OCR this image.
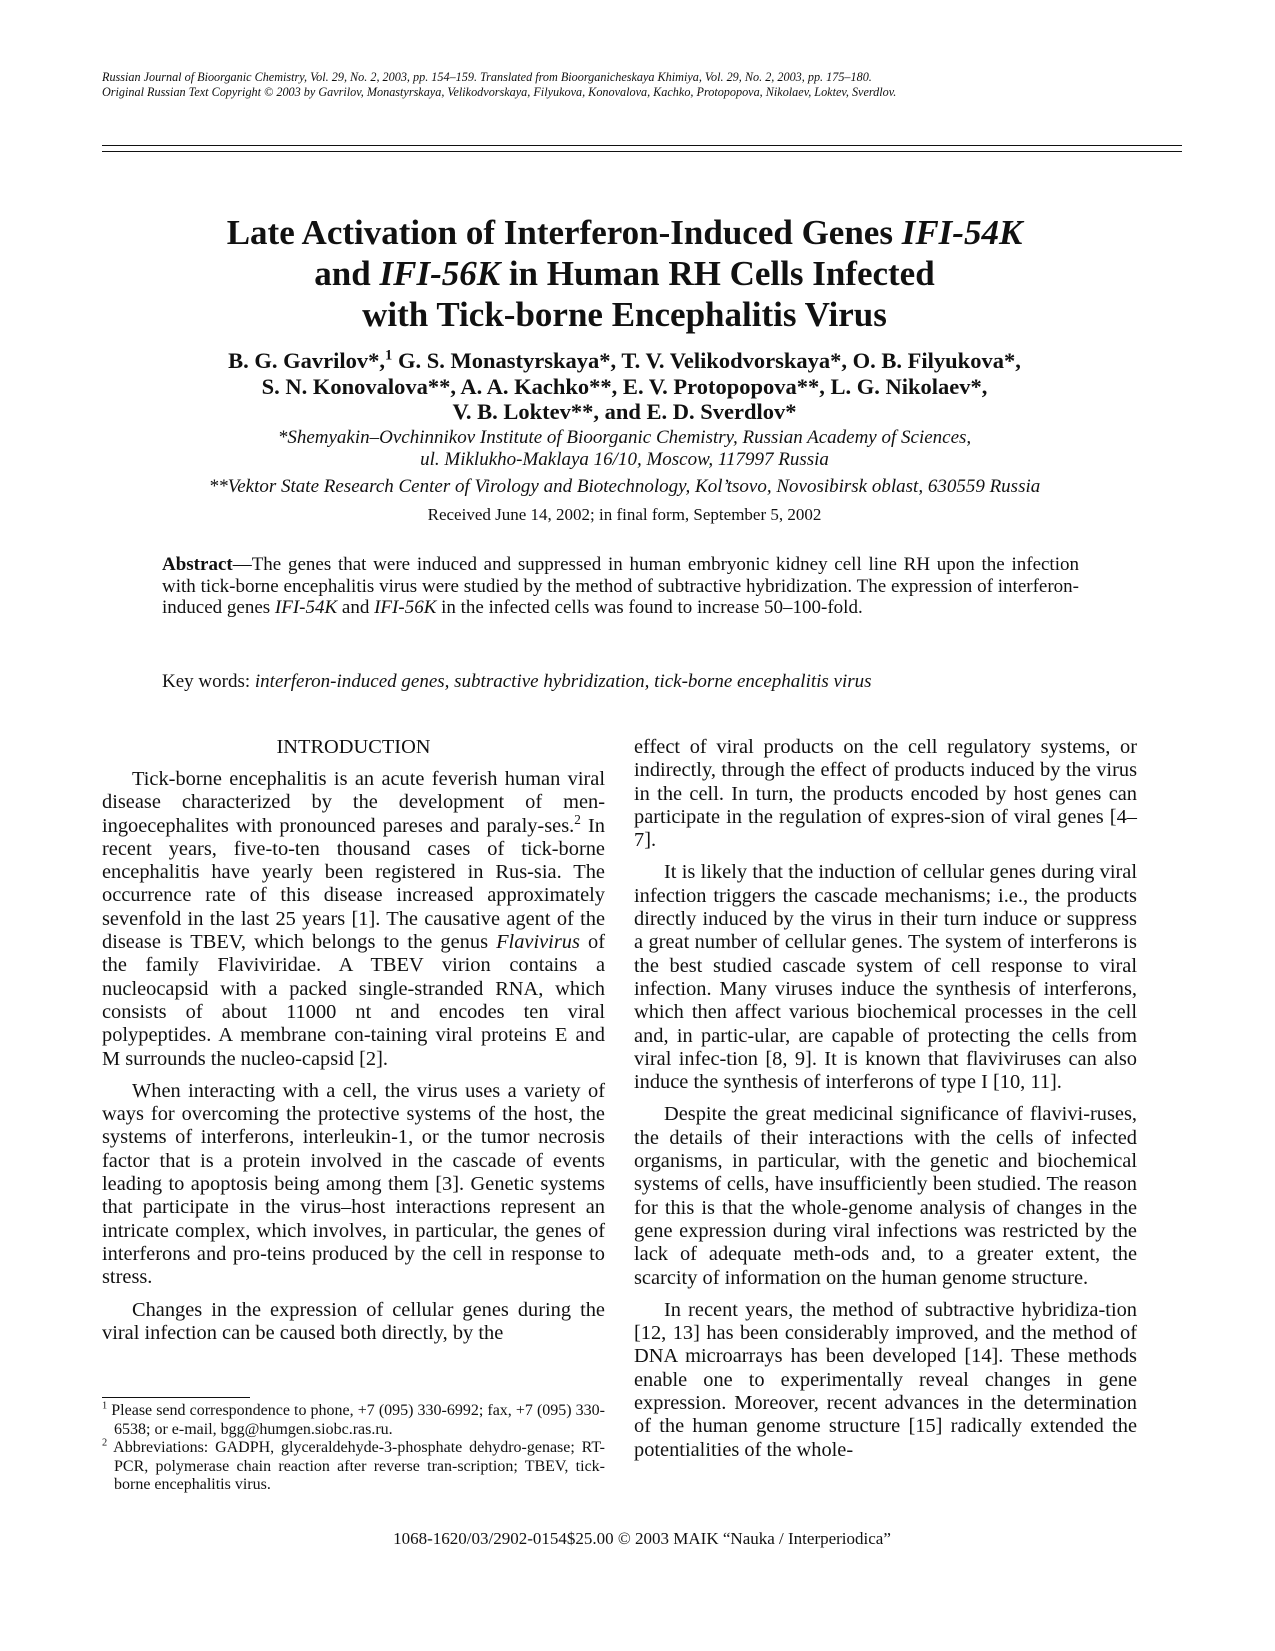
Russian Journal of Bioorganic Chemistry, Vol. 29, No. 2, 2003, pp. 154–159. Translated from Bioorganicheskaya Khimiya, Vol. 29, No. 2, 2003, pp. 175–180.
Original Russian Text Copyright © 2003 by Gavrilov, Monastyrskaya, Velikodvorskaya, Filyukova, Konovalova, Kachko, Protopopova, Nikolaev, Loktev, Sverdlov.
Late Activation of Interferon-Induced Genes IFI-54K
and IFI-56K in Human RH Cells Infected
with Tick-borne Encephalitis Virus
B. G. Gavrilov*,$^1$ G. S. Monastyrskaya*, T. V. Velikodvorskaya*, O. B. Filyukova*,
S. N. Konovalova**, A. A. Kachko**, E. V. Protopopova**, L. G. Nikolaev*,
V. B. Loktev**, and E. D. Sverdlov*
*Shemyakin–Ovchinnikov Institute of Bioorganic Chemistry, Russian Academy of Sciences,
ul. Miklukho-Maklaya 16/10, Moscow, 117997 Russia
**Vektor State Research Center of Virology and Biotechnology, Kol’tsovo, Novosibirsk oblast, 630559 Russia
Received June 14, 2002; in final form, September 5, 2002
Abstract—The genes that were induced and suppressed in human embryonic kidney cell line RH upon the infection with tick-borne encephalitis virus were studied by the method of subtractive hybridization. The expression of interferon-induced genes IFI-54K and IFI-56K in the infected cells was found to increase 50–100-fold.
Key words: interferon-induced genes, subtractive hybridization, tick-borne encephalitis virus
INTRODUCTION

Tick-borne encephalitis is an acute feverish human viral disease characterized by the development of men-ingoecephalites with pronounced pareses and paraly-ses.$^2$ In recent years, five-to-ten thousand cases of tick-borne encephalitis have yearly been registered in Rus-sia. The occurrence rate of this disease increased approximately sevenfold in the last 25 years [1]. The causative agent of the disease is TBEV, which belongs to the genus Flavivirus of the family Flaviviridae. A TBEV virion contains a nucleocapsid with a packed single-stranded RNA, which consists of about 11000 nt and encodes ten viral polypeptides. A membrane con-taining viral proteins E and M surrounds the nucleo-capsid [2].

When interacting with a cell, the virus uses a variety of ways for overcoming the protective systems of the host, the systems of interferons, interleukin-1, or the tumor necrosis factor that is a protein involved in the cascade of events leading to apoptosis being among them [3]. Genetic systems that participate in the virus–host interactions represent an intricate complex, which involves, in particular, the genes of interferons and pro-teins produced by the cell in response to stress.

Changes in the expression of cellular genes during the viral infection can be caused both directly, by the

$^1$ Please send correspondence to phone, +7 (095) 330-6992; fax, +7 (095) 330-6538; or e-mail, bgg@humgen.siobc.ras.ru.

$^2$ Abbreviations: GADPH, glyceraldehyde-3-phosphate dehydro-genase; RT-PCR, polymerase chain reaction after reverse tran-scription; TBEV, tick-borne encephalitis virus.

effect of viral products on the cell regulatory systems, or indirectly, through the effect of products induced by the virus in the cell. In turn, the products encoded by host genes can participate in the regulation of expres-sion of viral genes [4–7].

It is likely that the induction of cellular genes during viral infection triggers the cascade mechanisms; i.e., the products directly induced by the virus in their turn induce or suppress a great number of cellular genes. The system of interferons is the best studied cascade system of cell response to viral infection. Many viruses induce the synthesis of interferons, which then affect various biochemical processes in the cell and, in partic-ular, are capable of protecting the cells from viral infec-tion [8, 9]. It is known that flaviviruses can also induce the synthesis of interferons of type I [10, 11].

Despite the great medicinal significance of flavivi-ruses, the details of their interactions with the cells of infected organisms, in particular, with the genetic and biochemical systems of cells, have insufficiently been studied. The reason for this is that the whole-genome analysis of changes in the gene expression during viral infections was restricted by the lack of adequate meth-ods and, to a greater extent, the scarcity of information on the human genome structure.

In recent years, the method of subtractive hybridiza-tion [12, 13] has been considerably improved, and the method of DNA microarrays has been developed [14]. These methods enable one to experimentally reveal changes in gene expression. Moreover, recent advances in the determination of the human genome structure [15] radically extended the potentialities of the whole-

1068-1620/03/2902-0154$25.00 © 2003 MAIK “Nauka / Interperiodica”
